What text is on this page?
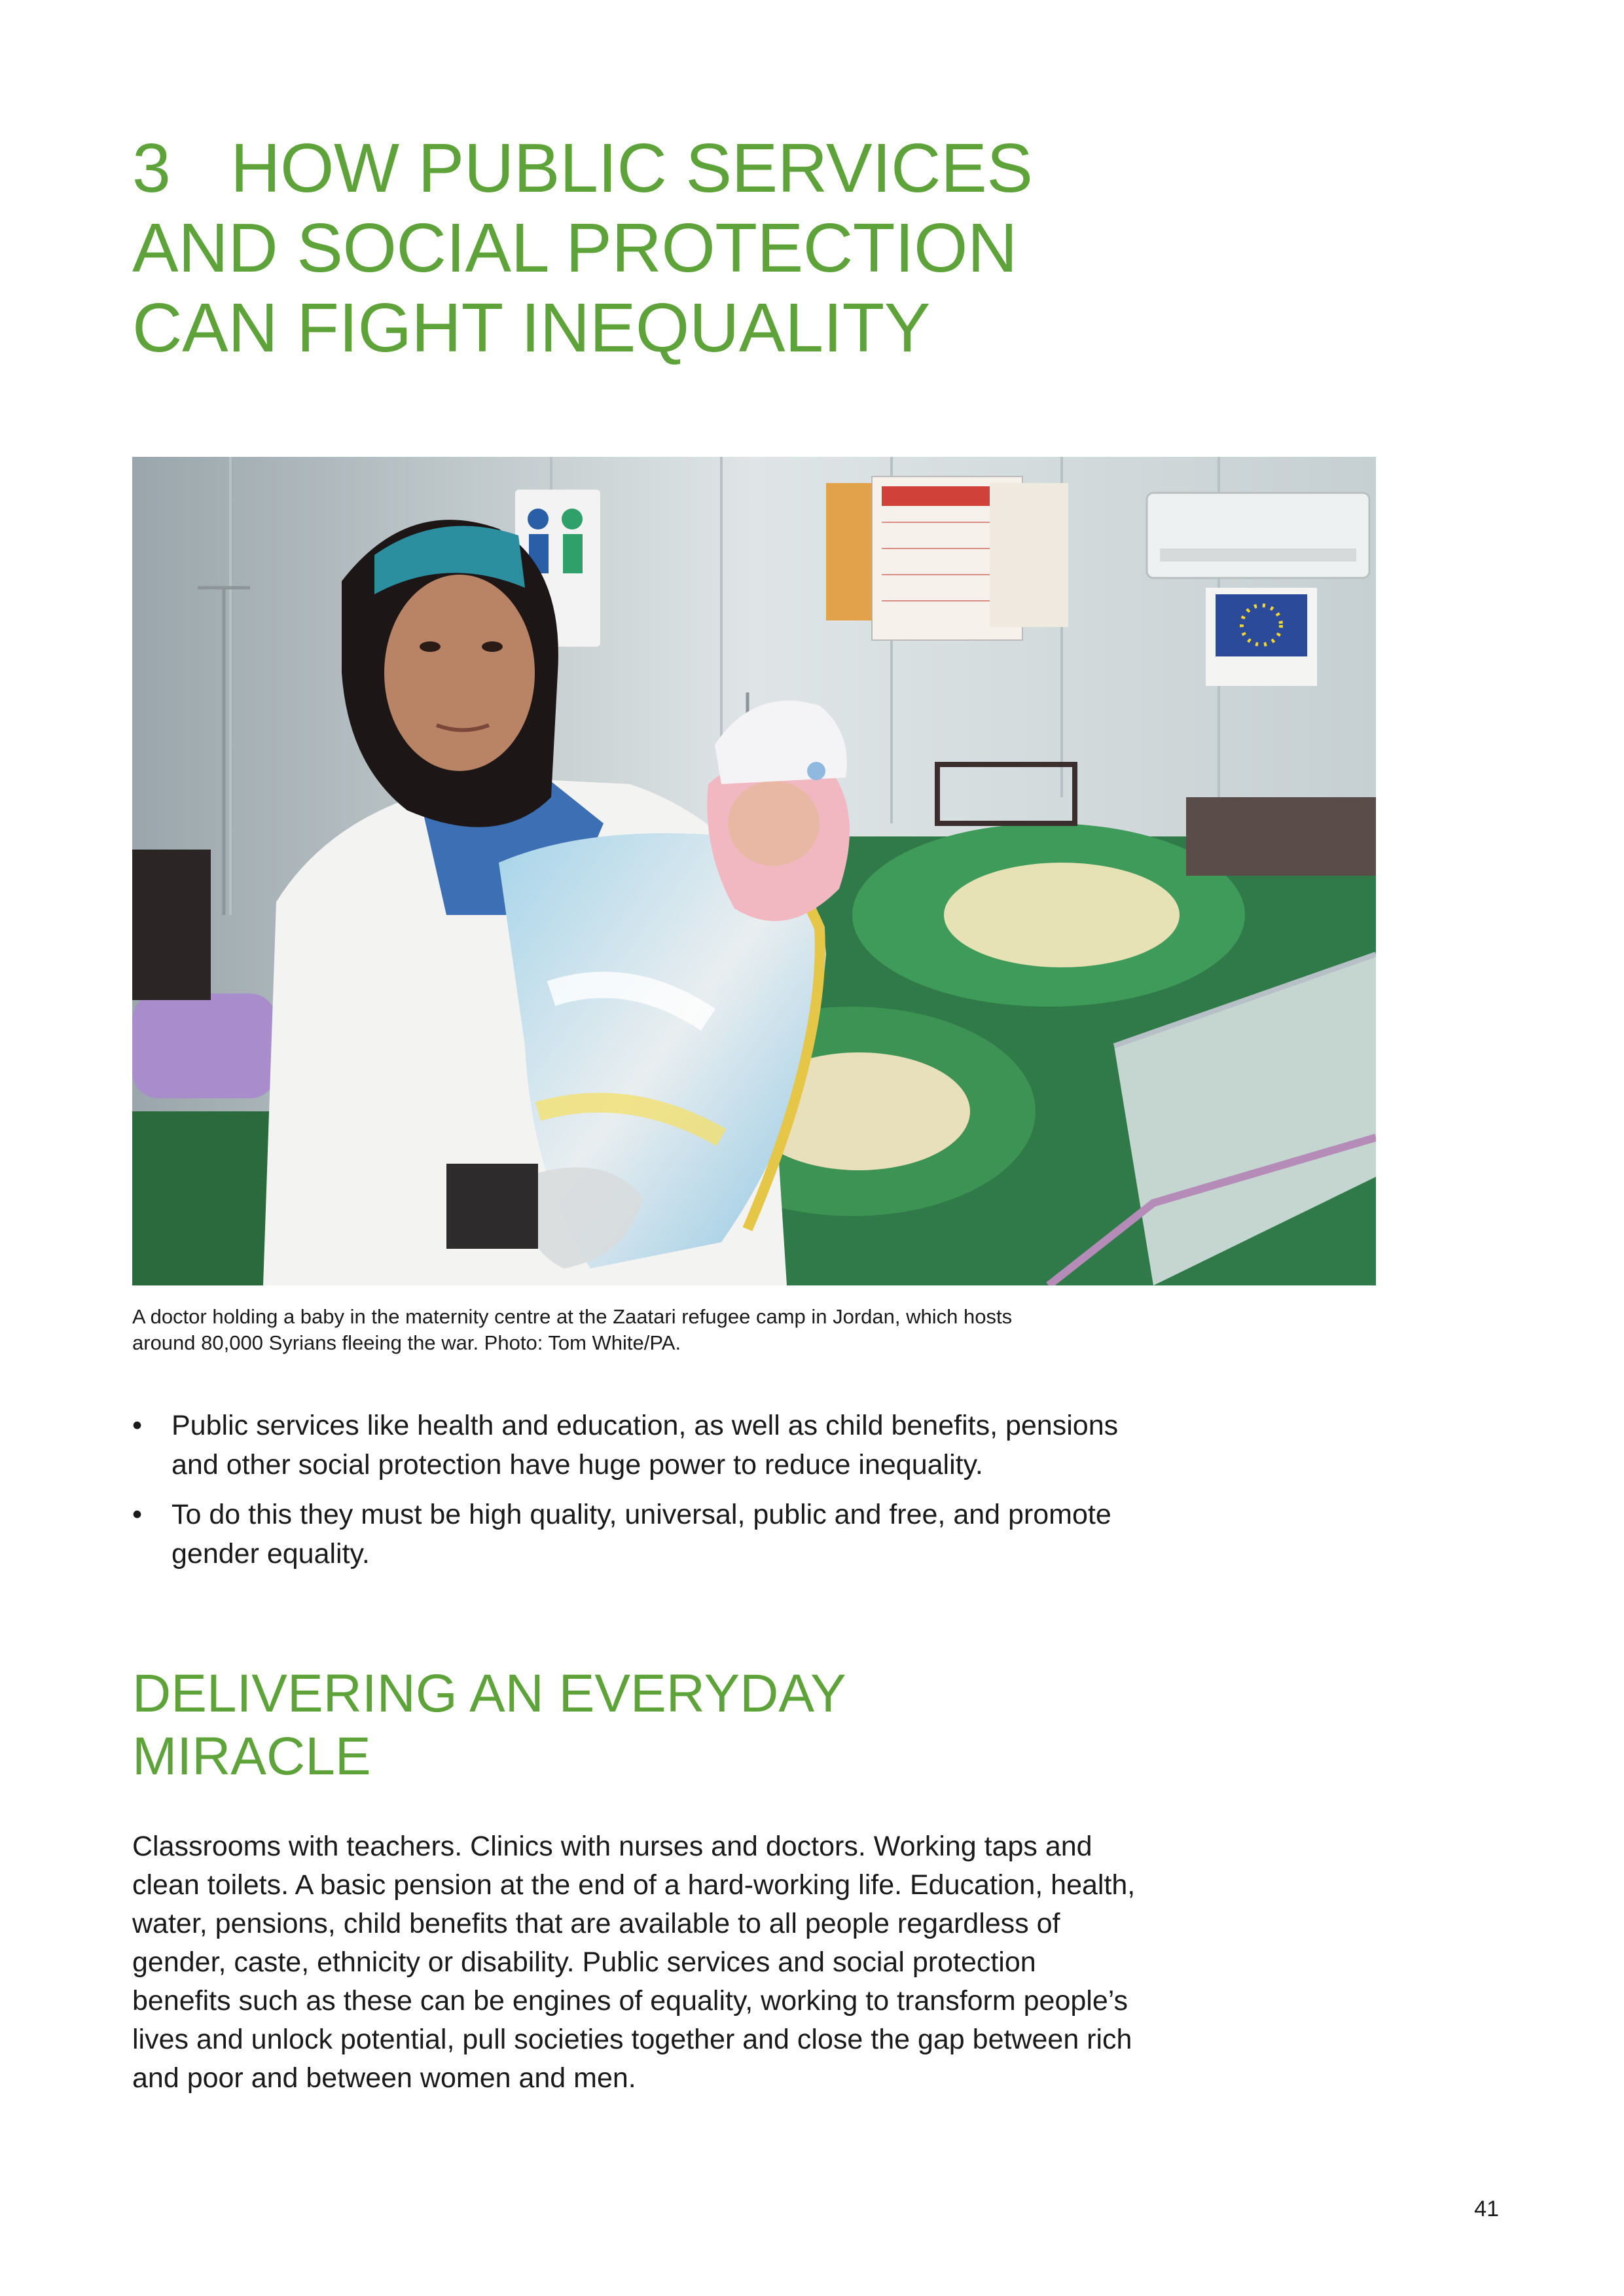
3 HOW PUBLIC SERVICES
AND SOCIAL PROTECTION
CAN FIGHT INEQUALITY

A doctor holding a baby in the maternity centre at the Zaatari refugee camp in Jordan, which hosts
around 80,000 Syrians fleeing the war. Photo: Tom White/PA.

•	Public services like health and education, as well as child benefits, pensions and other social protection have huge power to reduce inequality.
•	To do this they must be high quality, universal, public and free, and promote gender equality.
DELIVERING AN EVERYDAY
MIRACLE

Classrooms with teachers. Clinics with nurses and doctors. Working taps and clean toilets. A basic pension at the end of a hard-working life. Education, health, water, pensions, child benefits that are available to all people regardless of gender, caste, ethnicity or disability. Public services and social protection benefits such as these can be engines of equality, working to transform people’s lives and unlock potential, pull societies together and close the gap between rich and poor and between women and men.

41
